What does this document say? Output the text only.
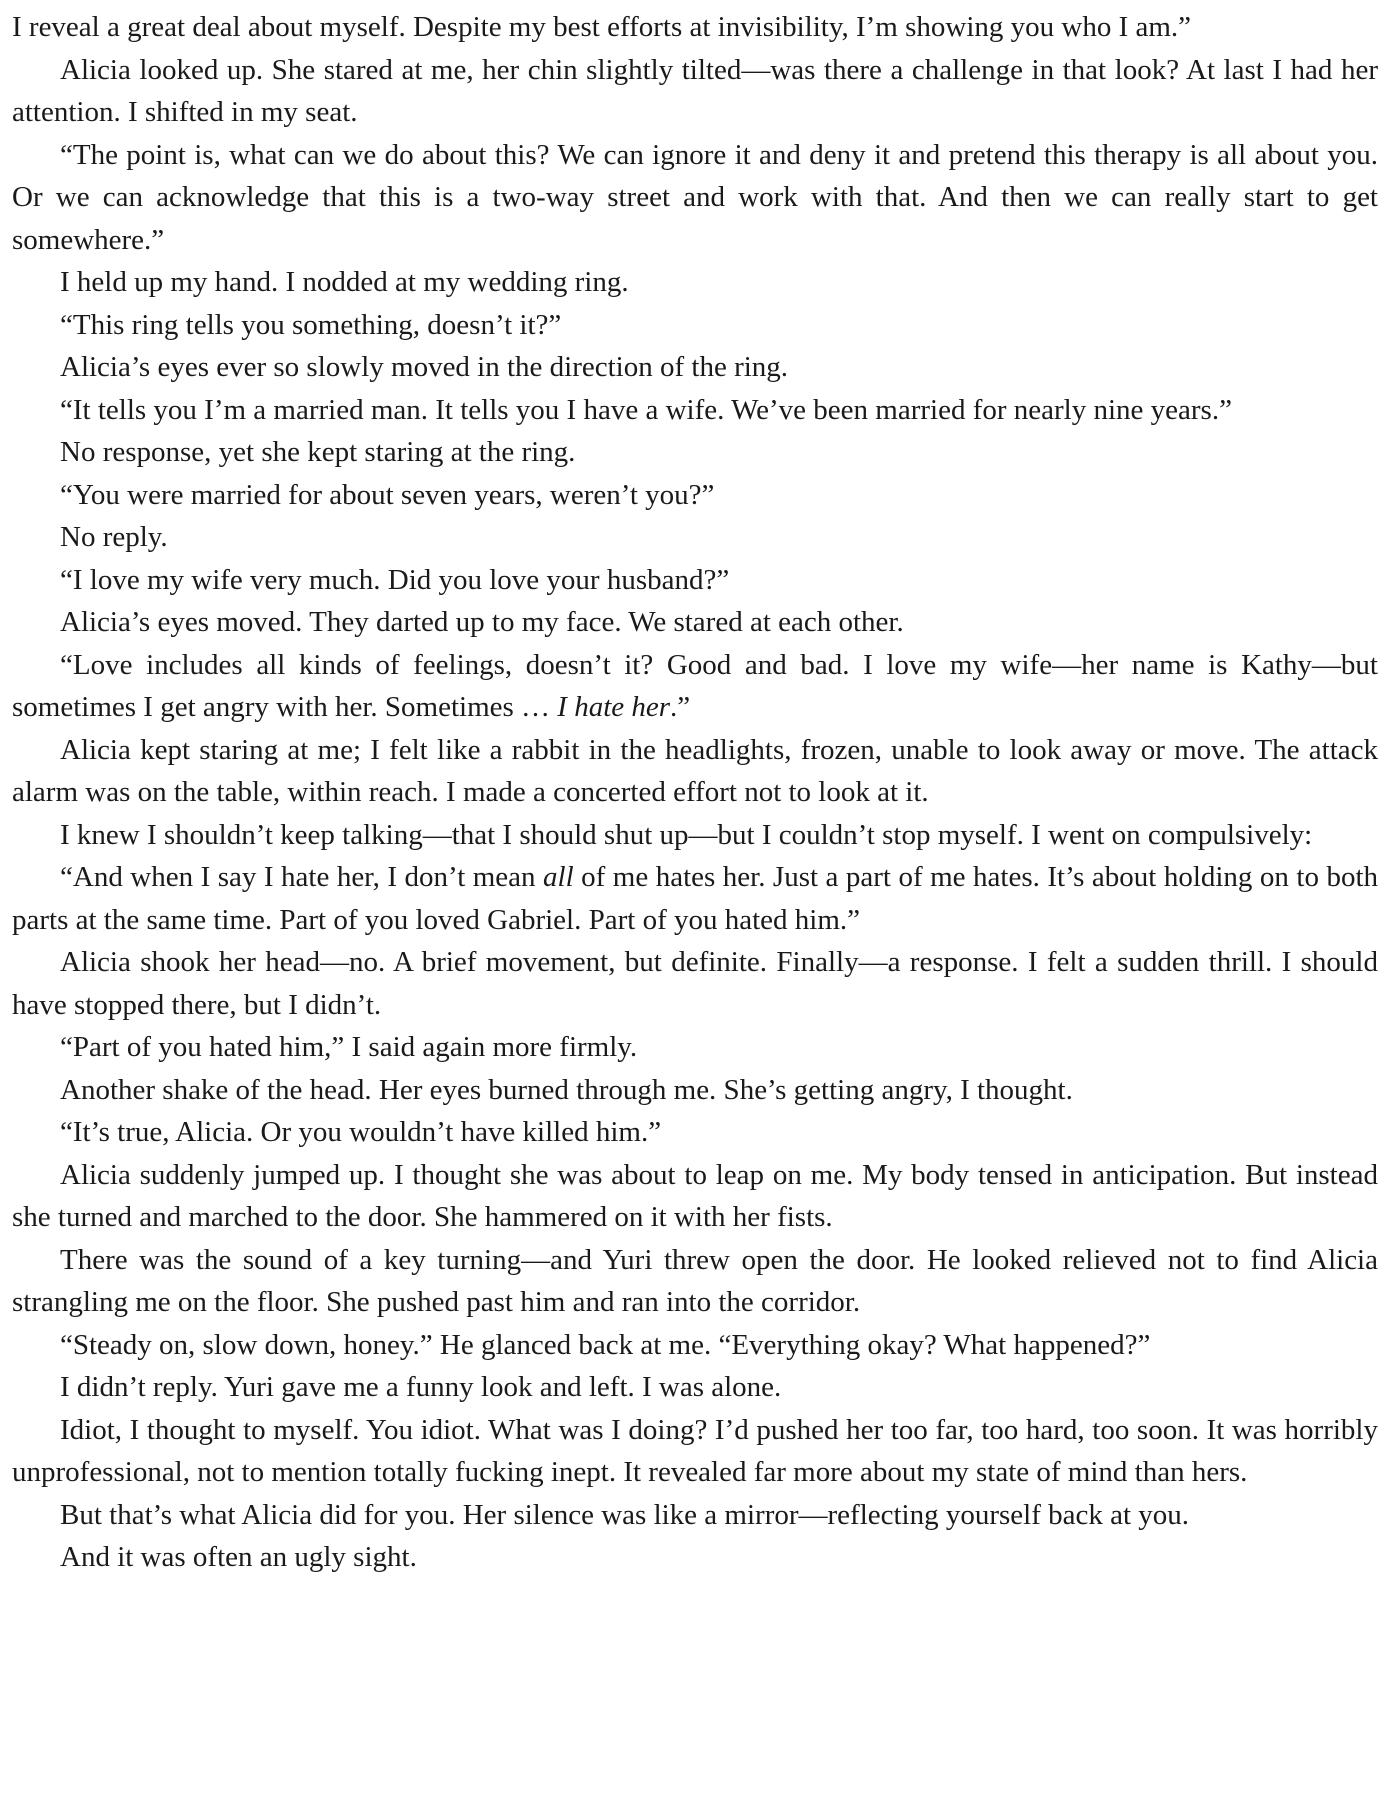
I reveal a great deal about myself. Despite my best efforts at invisibility, I’m showing you who I am.”

Alicia looked up. She stared at me, her chin slightly tilted—was there a challenge in that look? At last I had her attention. I shifted in my seat.

“The point is, what can we do about this? We can ignore it and deny it and pretend this therapy is all about you. Or we can acknowledge that this is a two-way street and work with that. And then we can really start to get somewhere.”

I held up my hand. I nodded at my wedding ring.

“This ring tells you something, doesn’t it?”

Alicia’s eyes ever so slowly moved in the direction of the ring.

“It tells you I’m a married man. It tells you I have a wife. We’ve been married for nearly nine years.”

No response, yet she kept staring at the ring.

“You were married for about seven years, weren’t you?”

No reply.

“I love my wife very much. Did you love your husband?”

Alicia’s eyes moved. They darted up to my face. We stared at each other.

“Love includes all kinds of feelings, doesn’t it? Good and bad. I love my wife—her name is Kathy—but sometimes I get angry with her. Sometimes … I hate her.”

Alicia kept staring at me; I felt like a rabbit in the headlights, frozen, unable to look away or move. The attack alarm was on the table, within reach. I made a concerted effort not to look at it.

I knew I shouldn’t keep talking—that I should shut up—but I couldn’t stop myself. I went on compulsively:

“And when I say I hate her, I don’t mean all of me hates her. Just a part of me hates. It’s about holding on to both parts at the same time. Part of you loved Gabriel. Part of you hated him.”

Alicia shook her head—no. A brief movement, but definite. Finally—a response. I felt a sudden thrill. I should have stopped there, but I didn’t.

“Part of you hated him,” I said again more firmly.

Another shake of the head. Her eyes burned through me. She’s getting angry, I thought.

“It’s true, Alicia. Or you wouldn’t have killed him.”

Alicia suddenly jumped up. I thought she was about to leap on me. My body tensed in anticipation. But instead she turned and marched to the door. She hammered on it with her fists.

There was the sound of a key turning—and Yuri threw open the door. He looked relieved not to find Alicia strangling me on the floor. She pushed past him and ran into the corridor.

“Steady on, slow down, honey.” He glanced back at me. “Everything okay? What happened?”

I didn’t reply. Yuri gave me a funny look and left. I was alone.

Idiot, I thought to myself. You idiot. What was I doing? I’d pushed her too far, too hard, too soon. It was horribly unprofessional, not to mention totally fucking inept. It revealed far more about my state of mind than hers.

But that’s what Alicia did for you. Her silence was like a mirror—reflecting yourself back at you.

And it was often an ugly sight.
